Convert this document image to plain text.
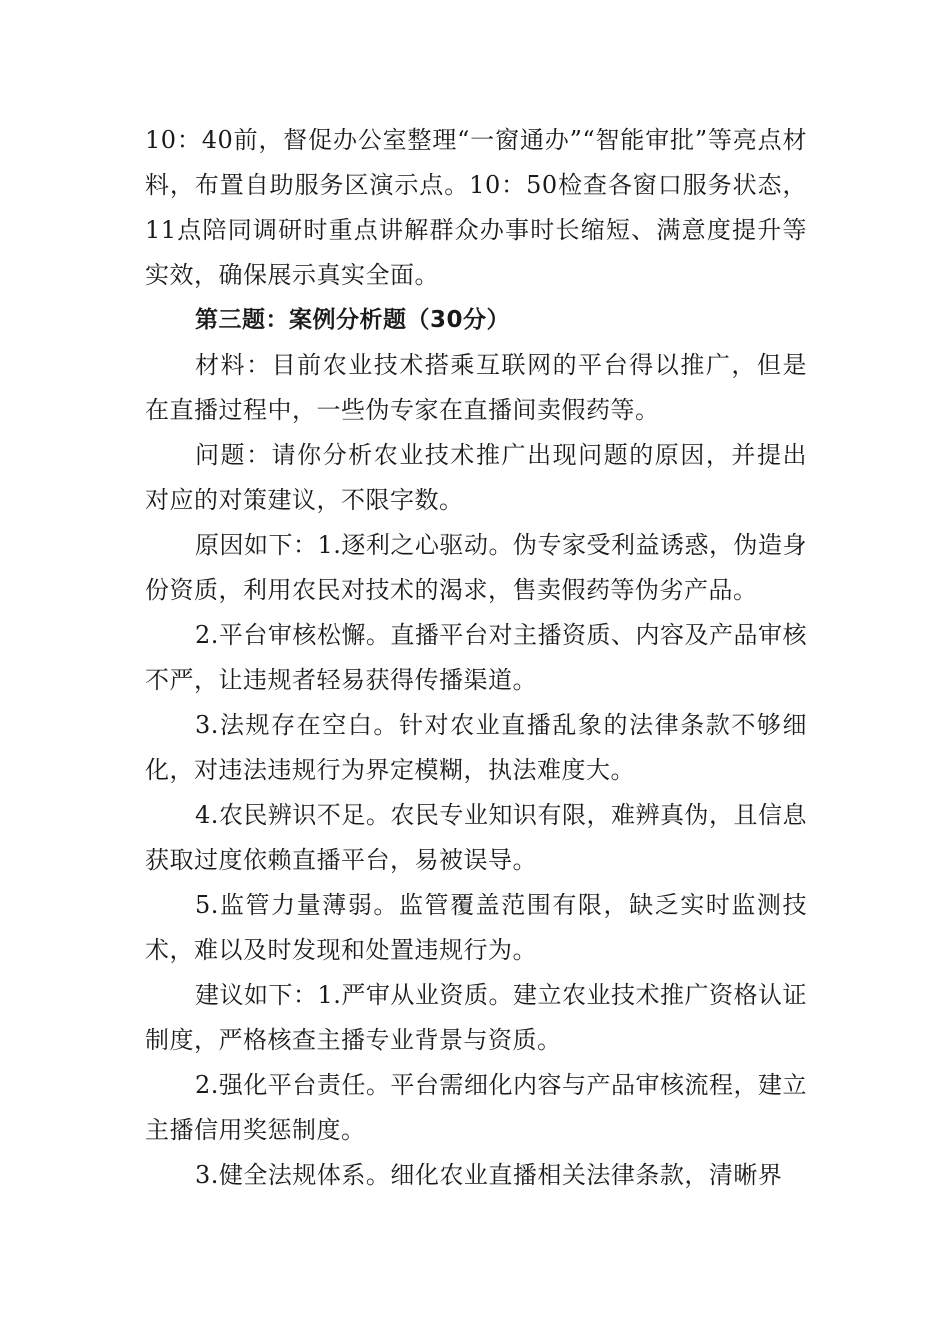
10：40前，督促办公室整理“一窗通办”“智能审批”等亮点材料，布置自助服务区演示点。10：50检查各窗口服务状态，11点陪同调研时重点讲解群众办事时长缩短、满意度提升等实效，确保展示真实全面。

第三题：案例分析题（30分）

材料：目前农业技术搭乘互联网的平台得以推广，但是在直播过程中，一些伪专家在直播间卖假药等。

问题：请你分析农业技术推广出现问题的原因，并提出对应的对策建议，不限字数。

原因如下：1.逐利之心驱动。伪专家受利益诱惑，伪造身份资质，利用农民对技术的渴求，售卖假药等伪劣产品。

2.平台审核松懈。直播平台对主播资质、内容及产品审核不严，让违规者轻易获得传播渠道。

3.法规存在空白。针对农业直播乱象的法律条款不够细化，对违法违规行为界定模糊，执法难度大。

4.农民辨识不足。农民专业知识有限，难辨真伪，且信息获取过度依赖直播平台，易被误导。

5.监管力量薄弱。监管覆盖范围有限，缺乏实时监测技术，难以及时发现和处置违规行为。

建议如下：1.严审从业资质。建立农业技术推广资格认证制度，严格核查主播专业背景与资质。

2.强化平台责任。平台需细化内容与产品审核流程，建立主播信用奖惩制度。

3.健全法规体系。细化农业直播相关法律条款，清晰界
